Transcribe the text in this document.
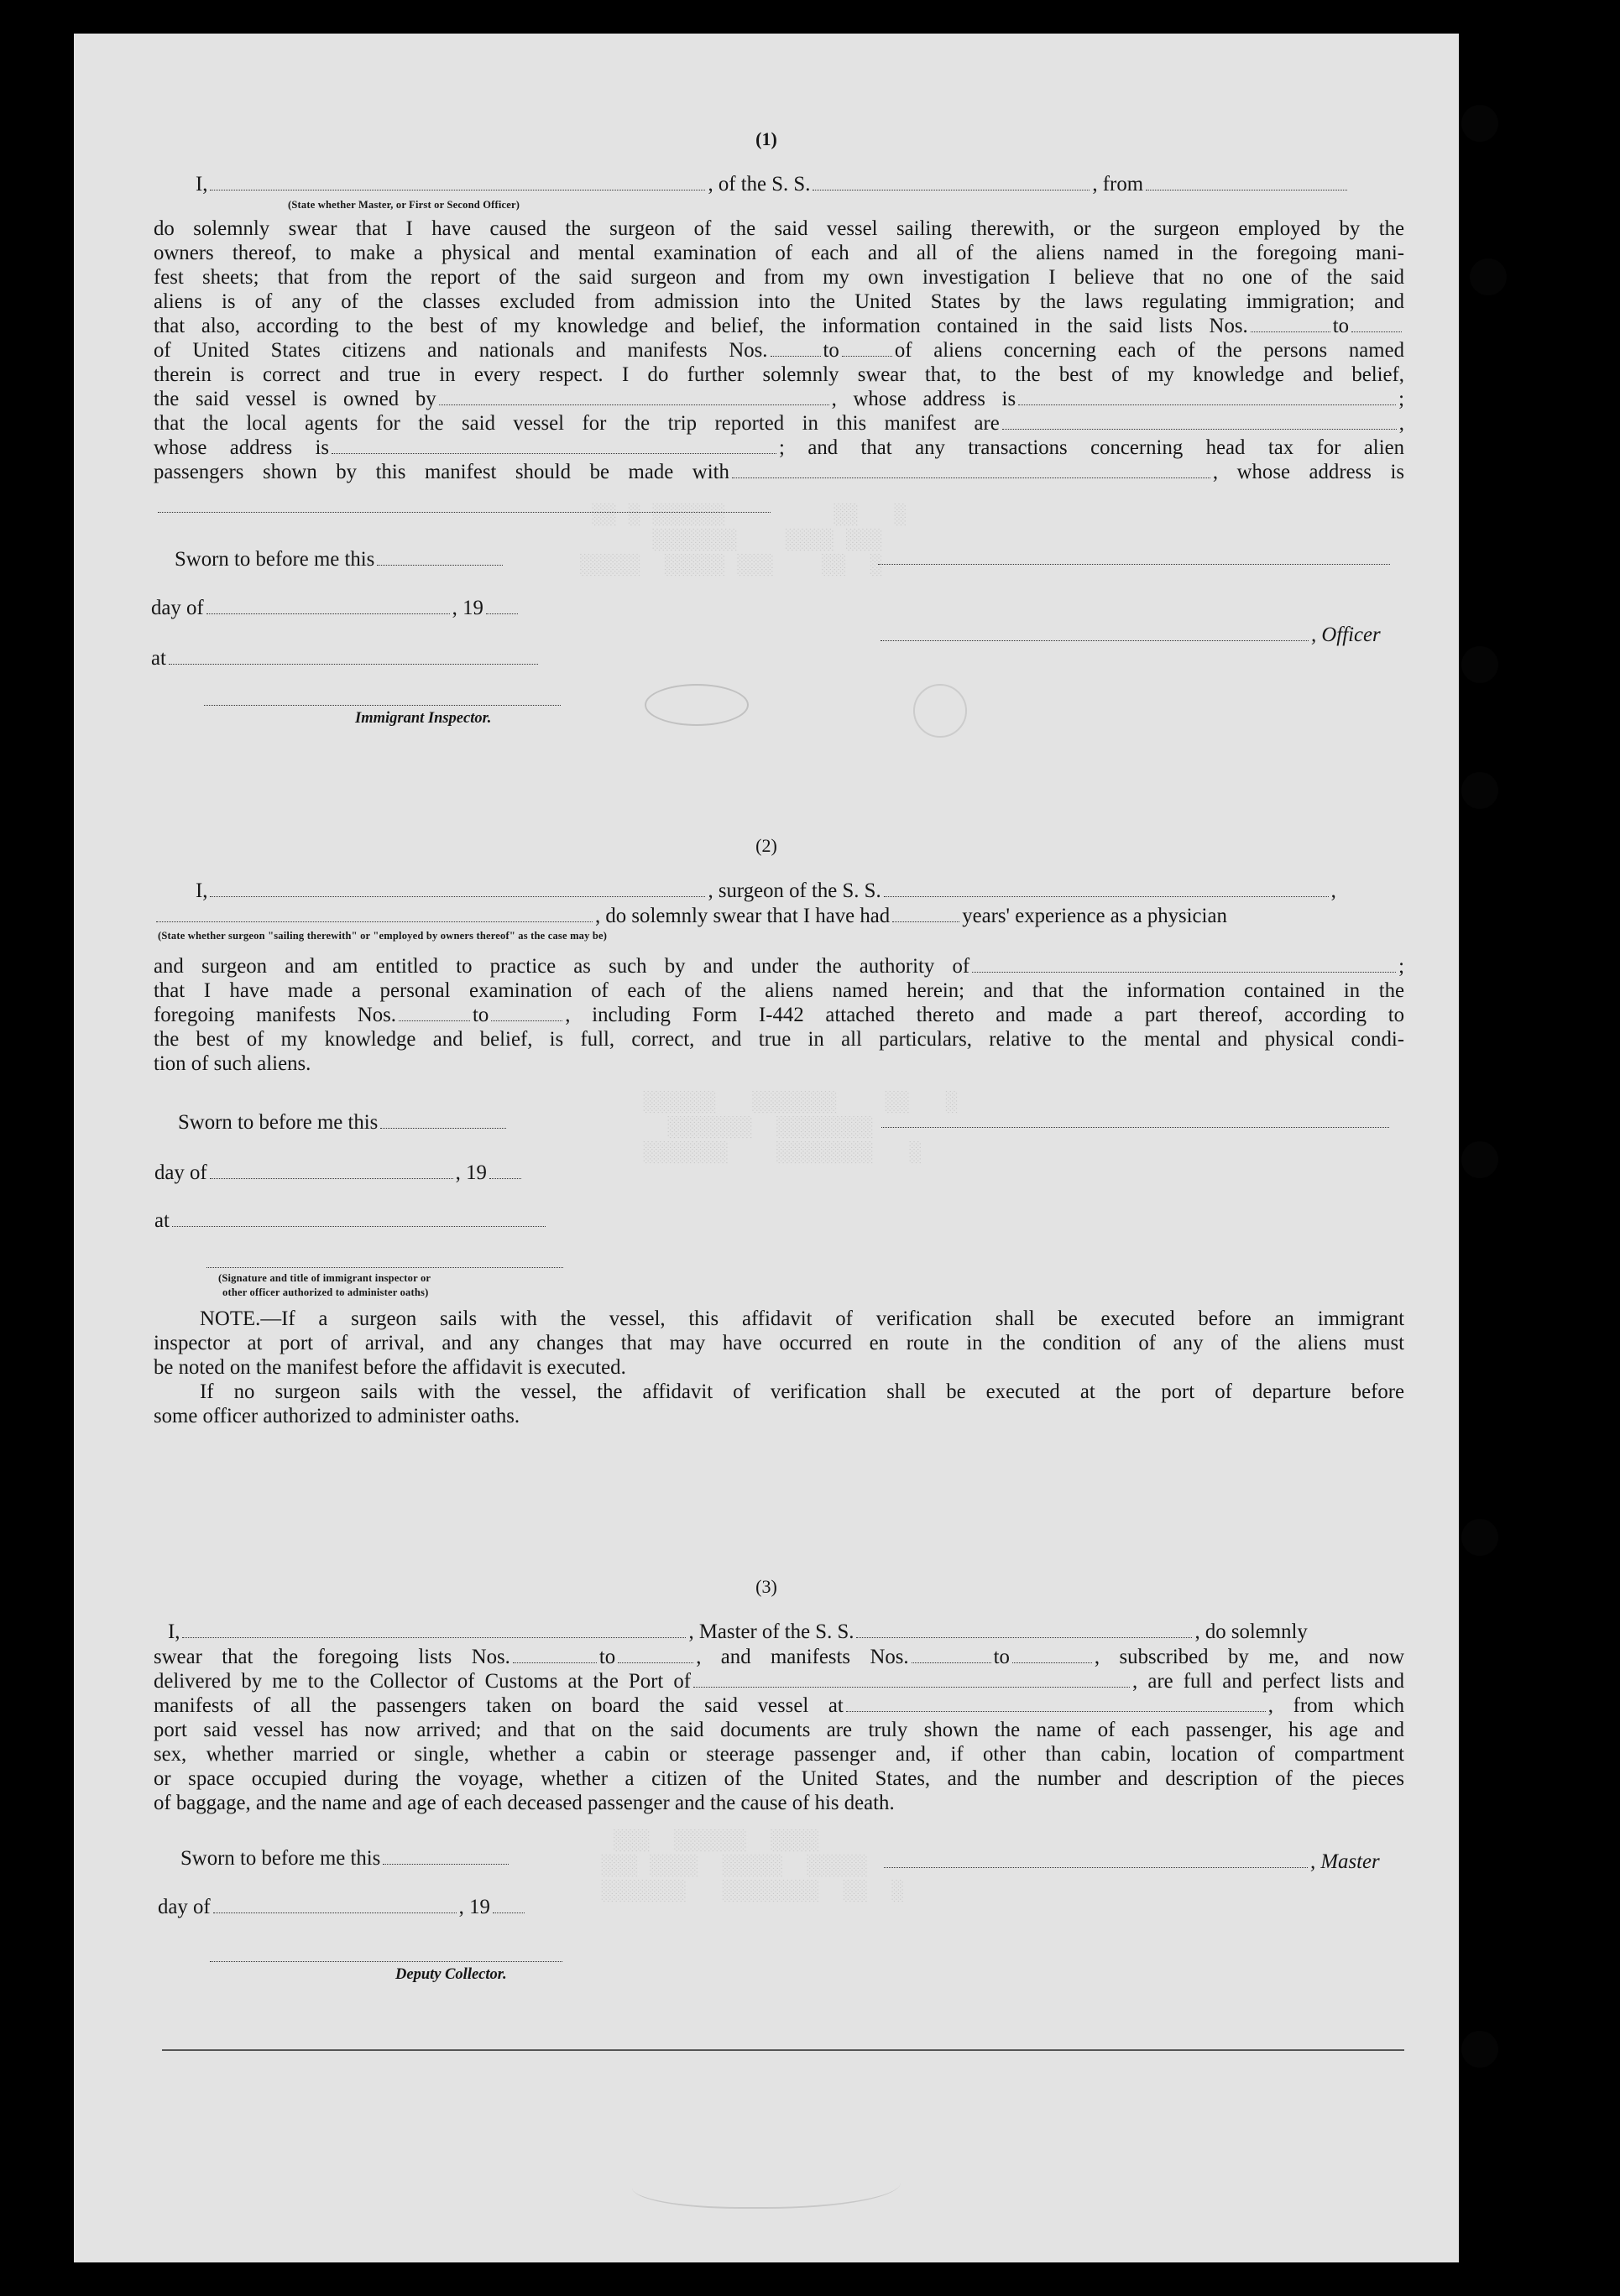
░░ ░ ░░░░░░         ░░   ░
░░░░░░░    ░░░░ ░░░
░░░░░  ░░░░░ ░░░    ░░  ░
░░░░░░   ░░░░░░░    ░░   ░
░░░░░░░  ░░░░░░░░
░░░░░░░    ░░░░░░░░   ░
░░░  ░░░░░░  ░░░░
░░░ ░░░░  ░░░░░  ░░░░░
░░░░░░░   ░░░░░░░░  ░░  ░
(1)
I,	, of the S. S.	, from
(State whether Master, or First or Second Officer)
do solemnly swear that I have caused the surgeon of the said vessel sailing therewith, or the surgeon employed by the
owners thereof, to make a physical and mental examination of each and all of the aliens named in the foregoing mani-
fest sheets; that from the report of the said surgeon and from my own investigation I believe that no one of the said
aliens is of any of the classes excluded from admission into the United States by the laws regulating immigration; and
that also, according to the best of my knowledge and belief, the information contained in the said lists Nos.	to
of United States citizens and nationals and manifests Nos.	to	of aliens concerning each of the persons named
therein is correct and true in every respect. I do further solemnly swear that, to the best of my knowledge and belief,
the said vessel is owned by	, whose address is	;
that the local agents for the said vessel for the trip reported in this manifest are	,
whose address is	; and that any transactions concerning head tax for alien
passengers shown by this manifest should be made with	, whose address is
Sworn to before me this
day of	, 19
, Officer
at
Immigrant Inspector.
(2)
I,	, surgeon of the S. S.	,
, do solemnly swear that I have had	years' experience as a physician
(State whether surgeon "sailing therewith" or "employed by owners thereof" as the case may be)
and surgeon and am entitled to practice as such by and under the authority of	;
that I have made a personal examination of each of the aliens named herein; and that the information contained in the
foregoing manifests Nos.	to	, including Form I-442 attached thereto and made a part thereof, according to
the best of my knowledge and belief, is full, correct, and true in all particulars, relative to the mental and physical condi-
tion of such aliens.
Sworn to before me this
day of	, 19
at
(Signature and title of immigrant inspector or
other officer authorized to administer oaths)
NOTE.—If a surgeon sails with the vessel, this affidavit of verification shall be executed before an immigrant
inspector at port of arrival, and any changes that may have occurred en route in the condition of any of the aliens must
be noted on the manifest before the affidavit is executed.
If no surgeon sails with the vessel, the affidavit of verification shall be executed at the port of departure before
some officer authorized to administer oaths.
(3)
I,	, Master of the S. S.	, do solemnly
swear that the foregoing lists Nos.	to	, and manifests Nos.	to	, subscribed by me, and now
delivered by me to the Collector of Customs at the Port of	, are full and perfect lists and
manifests of all the passengers taken on board the said vessel at	, from which
port said vessel has now arrived; and that on the said documents are truly shown the name of each passenger, his age and
sex, whether married or single, whether a cabin or steerage passenger and, if other than cabin, location of compartment
or space occupied during the voyage, whether a citizen of the United States, and the number and description of the pieces
of baggage, and the name and age of each deceased passenger and the cause of his death.
Sworn to before me this	, Master
day of	, 19
Deputy Collector.
